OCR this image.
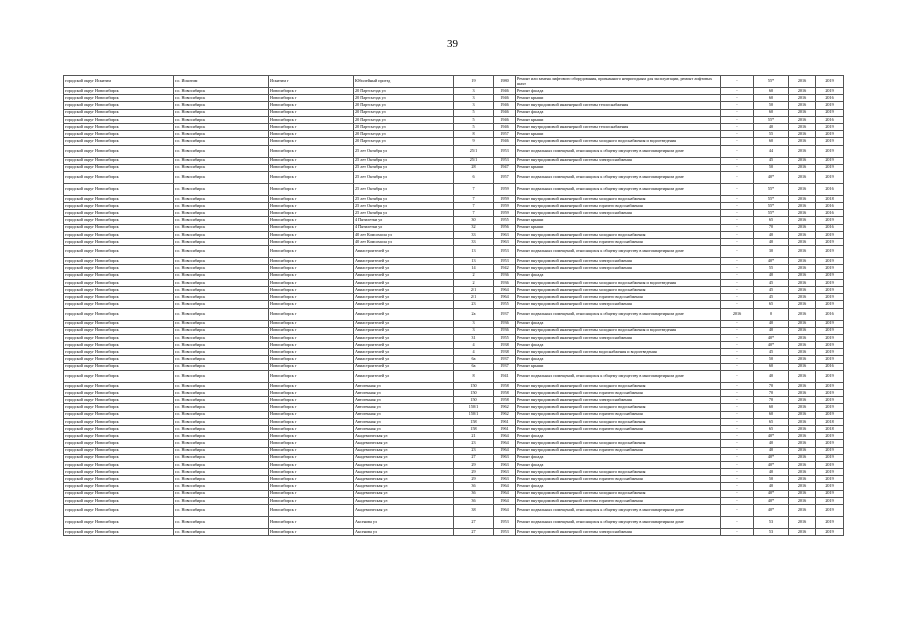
39
городской округ Искитим	г.о. Искитим	Искитим г	Юбилейный проезд	19	1980	Ремонт или замена лифтового оборудования, признанного непригодным для эксплуатации, ремонт лифтовых шахт	-	55*	2016	2019
городской округ Новосибирск	г.о. Новосибирск	Новосибирск г	20 Партсъезда ул	3	1946	Ремонт фасада	-	60	2016	2019
городской округ Новосибирск	г.о. Новосибирск	Новосибирск г	20 Партсъезда ул	3	1946	Ремонт крыши	-	60	2016	2016
городской округ Новосибирск	г.о. Новосибирск	Новосибирск г	20 Партсъезда ул	3	1946	Ремонт внутридомовой инженерной системы теплоснабжения	-	50	2016	2019
городской округ Новосибирск	г.о. Новосибирск	Новосибирск г	20 Партсъезда ул	5	1946	Ремонт фасада	-	60	2016	2019
городской округ Новосибирск	г.о. Новосибирск	Новосибирск г	20 Партсъезда ул	5	1946	Ремонт крыши	-	55*	2016	2016
городской округ Новосибирск	г.о. Новосибирск	Новосибирск г	20 Партсъезда ул	5	1946	Ремонт внутридомовой инженерной системы теплоснабжения	-	40	2016	2019
городской округ Новосибирск	г.о. Новосибирск	Новосибирск г	20 Партсъезда ул	8	1957	Ремонт крыши	-	55	2016	2019
городской округ Новосибирск	г.о. Новосибирск	Новосибирск г	20 Партсъезда ул	9	1946	Ремонт внутридомовой инженерной системы холодного водоснабжения и водоотведения	-	60	2016	2019
городской округ Новосибирск	г.о. Новосибирск	Новосибирск г	25 лет Октября ул	25/1	1953	Ремонт подвальных помещений, относящихся к общему имуществу в многоквартирном доме	-	44	2016	2019
городской округ Новосибирск	г.о. Новосибирск	Новосибирск г	25 лет Октября ул	25/1	1953	Ремонт внутридомовой инженерной системы электроснабжения	-	45	2016	2019
городской округ Новосибирск	г.о. Новосибирск	Новосибирск г	25 лет Октября ул	28	1947	Ремонт крыши	-	50	2016	2019
городской округ Новосибирск	г.о. Новосибирск	Новосибирск г	25 лет Октября ул	6	1957	Ремонт подвальных помещений, относящихся к общему имуществу в многоквартирном доме	-	40*	2016	2019
городской округ Новосибирск	г.о. Новосибирск	Новосибирск г	25 лет Октября ул	7	1959	Ремонт подвальных помещений, относящихся к общему имуществу в многоквартирном доме	-	55*	2016	2016
городской округ Новосибирск	г.о. Новосибирск	Новосибирск г	25 лет Октября ул	7	1959	Ремонт внутридомовой инженерной системы холодного водоснабжения	-	55*	2016	2018
городской округ Новосибирск	г.о. Новосибирск	Новосибирск г	25 лет Октября ул	7	1959	Ремонт внутридомовой инженерной системы горячего водоснабжения	-	55*	2016	2016
городской округ Новосибирск	г.о. Новосибирск	Новосибирск г	25 лет Октября ул	7	1959	Ремонт внутридомовой инженерной системы электроснабжения	-	55*	2016	2016
городской округ Новосибирск	г.о. Новосибирск	Новосибирск г	4 Пятилетки ул	30	1955	Ремонт крыши	-	65	2016	2019
городской округ Новосибирск	г.о. Новосибирск	Новосибирск г	4 Пятилетки ул	32	1956	Ремонт крыши	-	70	2016	2016
городской округ Новосибирск	г.о. Новосибирск	Новосибирск г	40 лет Комсомола ул	33	1963	Ремонт внутридомовой инженерной системы холодного водоснабжения	-	40	2016	2019
городской округ Новосибирск	г.о. Новосибирск	Новосибирск г	40 лет Комсомола ул	33	1963	Ремонт внутридомовой инженерной системы горячего водоснабжения	-	40	2016	2019
городской округ Новосибирск	г.о. Новосибирск	Новосибирск г	Авиастроителей ул	13	1953	Ремонт подвальных помещений, относящихся к общему имуществу в многоквартирном доме	-	30	2016	2019
городской округ Новосибирск	г.о. Новосибирск	Новосибирск г	Авиастроителей ул	13	1953	Ремонт внутридомовой инженерной системы электроснабжения	-	40*	2016	2019
городской округ Новосибирск	г.о. Новосибирск	Новосибирск г	Авиастроителей ул	14	1942	Ремонт внутридомовой инженерной системы электроснабжения	-	55	2016	2019
городской округ Новосибирск	г.о. Новосибирск	Новосибирск г	Авиастроителей ул	2	1936	Ремонт фасада	-	40	2016	2019
городской округ Новосибирск	г.о. Новосибирск	Новосибирск г	Авиастроителей ул	2	1936	Ремонт внутридомовой инженерной системы холодного водоснабжения и водоотведения	-	45	2016	2019
городской округ Новосибирск	г.о. Новосибирск	Новосибирск г	Авиастроителей ул	2/1	1964	Ремонт внутридомовой инженерной системы холодного водоснабжения	-	45	2016	2019
городской округ Новосибирск	г.о. Новосибирск	Новосибирск г	Авиастроителей ул	2/1	1964	Ремонт внутридомовой инженерной системы горячего водоснабжения	-	45	2016	2019
городской округ Новосибирск	г.о. Новосибирск	Новосибирск г	Авиастроителей ул	23	1955	Ремонт внутридомовой инженерной системы электроснабжения	-	65	2016	2019
городской округ Новосибирск	г.о. Новосибирск	Новосибирск г	Авиастроителей ул	2а	1937	Ремонт подвальных помещений, относящихся к общему имуществу в многоквартирном доме	2016	0	2016	2016
городской округ Новосибирск	г.о. Новосибирск	Новосибирск г	Авиастроителей ул	3	1936	Ремонт фасада	-	40	2016	2019
городской округ Новосибирск	г.о. Новосибирск	Новосибирск г	Авиастроителей ул	3	1936	Ремонт внутридомовой инженерной системы холодного водоснабжения и водоотведения	-	40	2016	2019
городской округ Новосибирск	г.о. Новосибирск	Новосибирск г	Авиастроителей ул	31	1955	Ремонт внутридомовой инженерной системы электроснабжения	-	40*	2016	2019
городской округ Новосибирск	г.о. Новосибирск	Новосибирск г	Авиастроителей ул	4	1938	Ремонт фасада	-	40*	2016	2019
городской округ Новосибирск	г.о. Новосибирск	Новосибирск г	Авиастроителей ул	4	1938	Ремонт внутридомовой инженерной системы водоснабжения и водоотведения	-	45	2016	2019
городской округ Новосибирск	г.о. Новосибирск	Новосибирск г	Авиастроителей ул	6а	1937	Ремонт фасада	-	50	2016	2019
городской округ Новосибирск	г.о. Новосибирск	Новосибирск г	Авиастроителей ул	6а	1937	Ремонт крыши	-	60	2016	2016
городской округ Новосибирск	г.о. Новосибирск	Новосибирск г	Авиастроителей ул	8	1941	Ремонт подвальных помещений, относящихся к общему имуществу в многоквартирном доме	-	40	2016	2019
городской округ Новосибирск	г.о. Новосибирск	Новосибирск г	Автогенная ул	150	1958	Ремонт внутридомовой инженерной системы холодного водоснабжения	-	70	2016	2019
городской округ Новосибирск	г.о. Новосибирск	Новосибирск г	Автогенная ул	150	1958	Ремонт внутридомовой инженерной системы горячего водоснабжения	-	70	2016	2019
городской округ Новосибирск	г.о. Новосибирск	Новосибирск г	Автогенная ул	150	1958	Ремонт внутридомовой инженерной системы электроснабжения	-	70	2016	2019
городской округ Новосибирск	г.о. Новосибирск	Новосибирск г	Автогенная ул	150/1	1962	Ремонт внутридомовой инженерной системы холодного водоснабжения	-	60	2016	2019
городской округ Новосибирск	г.о. Новосибирск	Новосибирск г	Автогенная ул	150/1	1962	Ремонт внутридомовой инженерной системы горячего водоснабжения	-	60	2016	2019
городской округ Новосибирск	г.о. Новосибирск	Новосибирск г	Автогенная ул	158	1961	Ремонт внутридомовой инженерной системы холодного водоснабжения	-	65	2016	2018
городской округ Новосибирск	г.о. Новосибирск	Новосибирск г	Автогенная ул	158	1961	Ремонт внутридомовой инженерной системы горячего водоснабжения	-	65	2016	2018
городской округ Новосибирск	г.о. Новосибирск	Новосибирск г	Академическая ул	21	1964	Ремонт фасада	-	40*	2016	2019
городской округ Новосибирск	г.о. Новосибирск	Новосибирск г	Академическая ул	23	1964	Ремонт внутридомовой инженерной системы холодного водоснабжения	-	40	2016	2019
городской округ Новосибирск	г.о. Новосибирск	Новосибирск г	Академическая ул	23	1964	Ремонт внутридомовой инженерной системы горячего водоснабжения	-	40	2016	2019
городской округ Новосибирск	г.о. Новосибирск	Новосибирск г	Академическая ул	27	1963	Ремонт фасада	-	40*	2016	2019
городской округ Новосибирск	г.о. Новосибирск	Новосибирск г	Академическая ул	29	1963	Ремонт фасада	-	40*	2016	2019
городской округ Новосибирск	г.о. Новосибирск	Новосибирск г	Академическая ул	29	1963	Ремонт внутридомовой инженерной системы холодного водоснабжения	-	40	2016	2019
городской округ Новосибирск	г.о. Новосибирск	Новосибирск г	Академическая ул	29	1963	Ремонт внутридомовой инженерной системы горячего водоснабжения	-	50	2016	2019
городской округ Новосибирск	г.о. Новосибирск	Новосибирск г	Академическая ул	36	1964	Ремонт фасада	-	40	2016	2019
городской округ Новосибирск	г.о. Новосибирск	Новосибирск г	Академическая ул	36	1964	Ремонт внутридомовой инженерной системы холодного водоснабжения	-	40*	2016	2019
городской округ Новосибирск	г.о. Новосибирск	Новосибирск г	Академическая ул	36	1964	Ремонт внутридомовой инженерной системы горячего водоснабжения	-	40*	2016	2019
городской округ Новосибирск	г.о. Новосибирск	Новосибирск г	Академическая ул	38	1964	Ремонт подвальных помещений, относящихся к общему имуществу в многоквартирном доме	-	40*	2016	2019
городской округ Новосибирск	г.о. Новосибирск	Новосибирск г	Аксенова ул	27	1953	Ремонт подвальных помещений, относящихся к общему имуществу в многоквартирном доме	-	53	2016	2019
городской округ Новосибирск	г.о. Новосибирск	Новосибирск г	Аксенова ул	27	1953	Ремонт внутридомовой инженерной системы электроснабжения	-	53	2016	2019
